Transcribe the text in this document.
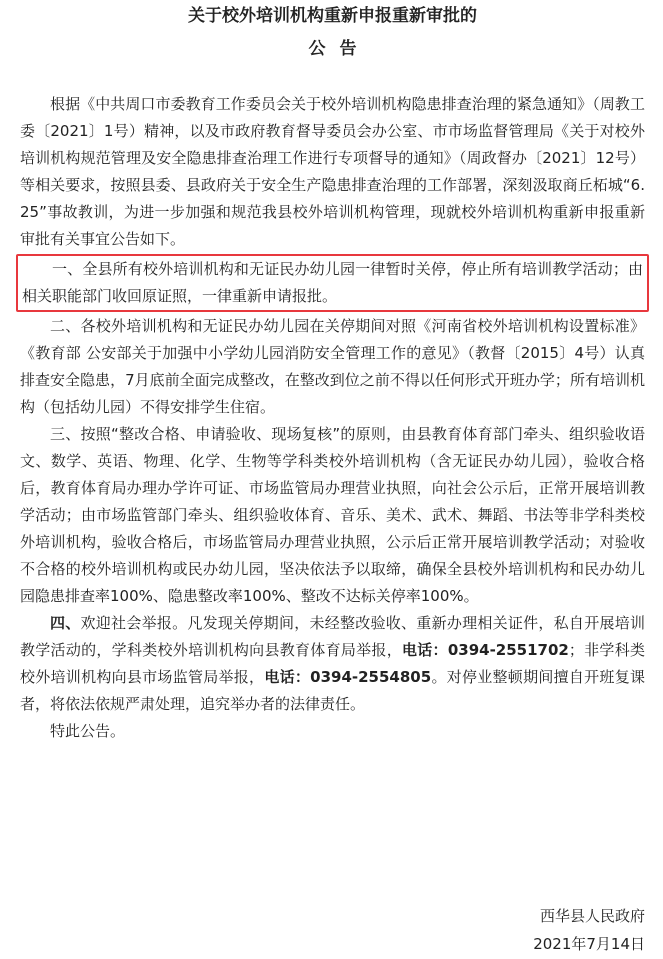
关于校外培训机构重新申报重新审批的
公告

根据《中共周口市委教育工作委员会关于校外培训机构隐患排查治理的紧急通知》（周教工委〔2021〕1号）精神，以及市政府教育督导委员会办公室、市市场监督管理局《关于对校外培训机构规范管理及安全隐患排查治理工作进行专项督导的通知》（周政督办〔2021〕12号）等相关要求，按照县委、县政府关于安全生产隐患排查治理的工作部署，深刻汲取商丘柘城“6.25”事故教训，为进一步加强和规范我县校外培训机构管理，现就校外培训机构重新申报重新审批有关事宜公告如下。

一、全县所有校外培训机构和无证民办幼儿园一律暂时关停，停止所有培训教学活动；由相关职能部门收回原证照，一律重新申请报批。

二、各校外培训机构和无证民办幼儿园在关停期间对照《河南省校外培训机构设置标准》《教育部 公安部关于加强中小学幼儿园消防安全管理工作的意见》（教督〔2015〕4号）认真排查安全隐患，7月底前全面完成整改，在整改到位之前不得以任何形式开班办学；所有培训机构（包括幼儿园）不得安排学生住宿。

三、按照“整改合格、申请验收、现场复核”的原则，由县教育体育部门牵头、组织验收语文、数学、英语、物理、化学、生物等学科类校外培训机构（含无证民办幼儿园），验收合格后，教育体育局办理办学许可证、市场监管局办理营业执照，向社会公示后，正常开展培训教学活动；由市场监管部门牵头、组织验收体育、音乐、美术、武术、舞蹈、书法等非学科类校外培训机构，验收合格后，市场监管局办理营业执照，公示后正常开展培训教学活动；对验收不合格的校外培训机构或民办幼儿园，坚决依法予以取缔，确保全县校外培训机构和民办幼儿园隐患排查率100%、隐患整改率100%、整改不达标关停率100%。

四、欢迎社会举报。凡发现关停期间，未经整改验收、重新办理相关证件，私自开展培训教学活动的，学科类校外培训机构向县教育体育局举报，电话：0394-2551702；非学科类校外培训机构向县市场监管局举报，电话：0394-2554805。对停业整顿期间擅自开班复课者，将依法依规严肃处理，追究举办者的法律责任。

特此公告。

西华县人民政府
2021年7月14日
